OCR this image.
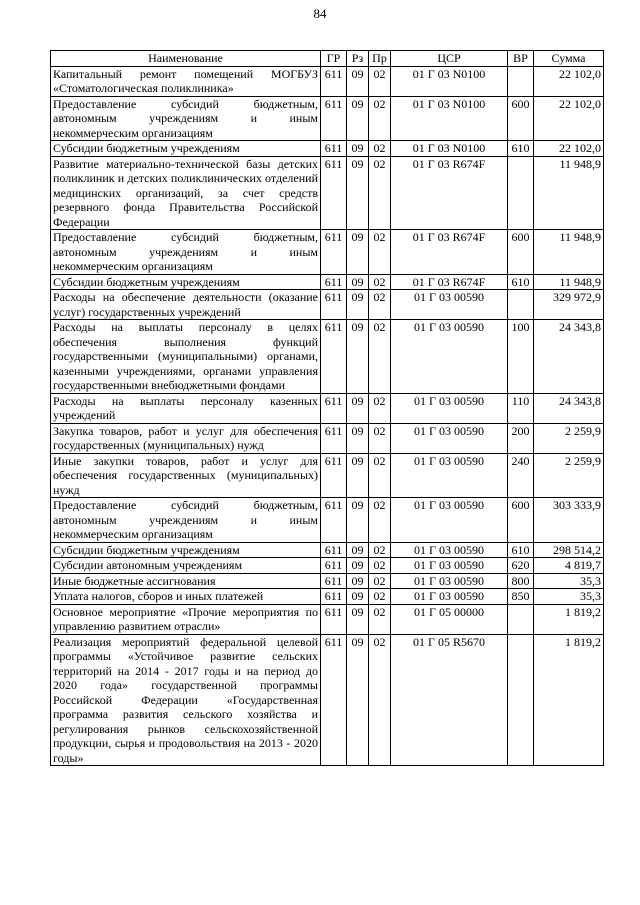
84
Наименование	ГР	Рз	Пр	ЦСР	ВР	Сумма
Капитальный ремонт помещений МОГБУЗ «Стоматологическая поликлиника»	611	09	02	01 Г 03 N0100		22 102,0
Предоставление субсидий бюджетным, автономным учреждениям и иным некоммерческим организациям	611	09	02	01 Г 03 N0100	600	22 102,0
Субсидии бюджетным учреждениям	611	09	02	01 Г 03 N0100	610	22 102,0
Развитие материально-технической базы детских поликлиник и детских поликлинических отделений медицинских организаций, за счет средств резервного фонда Правительства Российской Федерации	611	09	02	01 Г 03 R674F		11 948,9
Предоставление субсидий бюджетным, автономным учреждениям и иным некоммерческим организациям	611	09	02	01 Г 03 R674F	600	11 948,9
Субсидии бюджетным учреждениям	611	09	02	01 Г 03 R674F	610	11 948,9
Расходы на обеспечение деятельности (оказание услуг) государственных учреждений	611	09	02	01 Г 03 00590		329 972,9
Расходы на выплаты персоналу в целях обеспечения выполнения функций государственными (муниципальными) органами, казенными учреждениями, органами управления государственными внебюджетными фондами	611	09	02	01 Г 03 00590	100	24 343,8
Расходы на выплаты персоналу казенных учреждений	611	09	02	01 Г 03 00590	110	24 343,8
Закупка товаров, работ и услуг для обеспечения государственных (муниципальных) нужд	611	09	02	01 Г 03 00590	200	2 259,9
Иные закупки товаров, работ и услуг для обеспечения государственных (муниципальных) нужд	611	09	02	01 Г 03 00590	240	2 259,9
Предоставление субсидий бюджетным, автономным учреждениям и иным некоммерческим организациям	611	09	02	01 Г 03 00590	600	303 333,9
Субсидии бюджетным учреждениям	611	09	02	01 Г 03 00590	610	298 514,2
Субсидии автономным учреждениям	611	09	02	01 Г 03 00590	620	4 819,7
Иные бюджетные ассигнования	611	09	02	01 Г 03 00590	800	35,3
Уплата налогов, сборов и иных платежей	611	09	02	01 Г 03 00590	850	35,3
Основное мероприятие «Прочие мероприятия по управлению развитием отрасли»	611	09	02	01 Г 05 00000		1 819,2
Реализация мероприятий федеральной целевой программы «Устойчивое развитие сельских территорий на 2014 - 2017 годы и на период до 2020 года» государственной программы Российской Федерации «Государственная программа развития сельского хозяйства и регулирования рынков сельскохозяйственной продукции, сырья и продовольствия на 2013 - 2020 годы»	611	09	02	01 Г 05 R5670		1 819,2
